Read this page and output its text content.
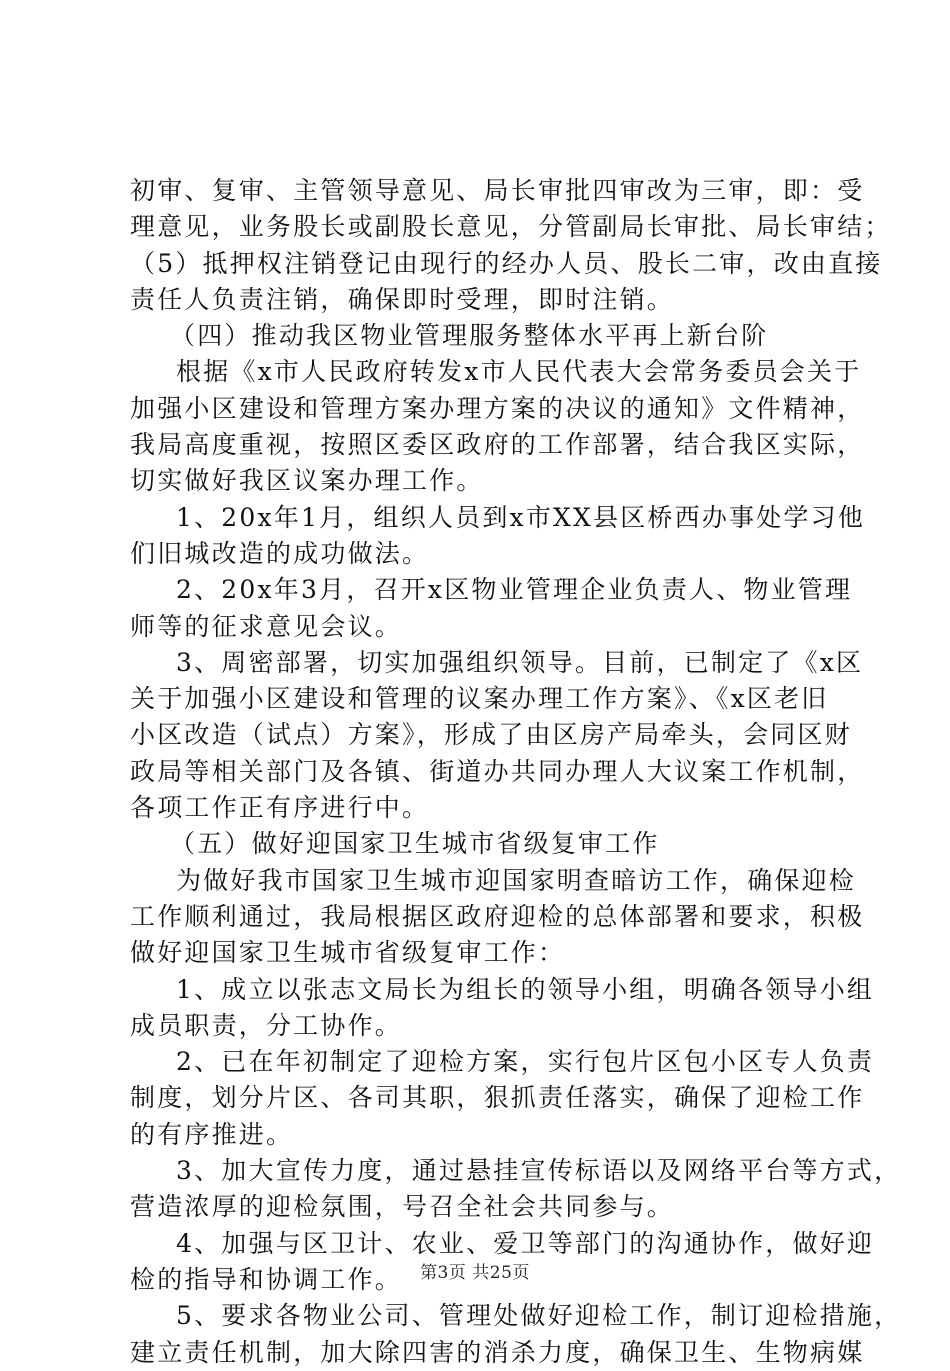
初审、复审、主管领导意见、局长审批四审改为三审，即：受
理意见，业务股长或副股长意见，分管副局长审批、局长审结；
（5）抵押权注销登记由现行的经办人员、股长二审，改由直接
责任人负责注销，确保即时受理，即时注销。
（四）推动我区物业管理服务整体水平再上新台阶
根据《x市人民政府转发x市人民代表大会常务委员会关于
加强小区建设和管理方案办理方案的决议的通知》文件精神，
我局高度重视，按照区委区政府的工作部署，结合我区实际，
切实做好我区议案办理工作。
1、20x年1月，组织人员到x市XX县区桥西办事处学习他
们旧城改造的成功做法。
2、20x年3月，召开x区物业管理企业负责人、物业管理
师等的征求意见会议。
3、周密部署，切实加强组织领导。目前，已制定了《x区
关于加强小区建设和管理的议案办理工作方案》、《x区老旧
小区改造（试点）方案》，形成了由区房产局牵头，会同区财
政局等相关部门及各镇、街道办共同办理人大议案工作机制，
各项工作正有序进行中。
（五）做好迎国家卫生城市省级复审工作
为做好我市国家卫生城市迎国家明查暗访工作，确保迎检
工作顺利通过，我局根据区政府迎检的总体部署和要求，积极
做好迎国家卫生城市省级复审工作：
1、成立以张志文局长为组长的领导小组，明确各领导小组
成员职责，分工协作。
2、已在年初制定了迎检方案，实行包片区包小区专人负责
制度，划分片区、各司其职，狠抓责任落实，确保了迎检工作
的有序推进。
3、加大宣传力度，通过悬挂宣传标语以及网络平台等方式，
营造浓厚的迎检氛围，号召全社会共同参与。
4、加强与区卫计、农业、爱卫等部门的沟通协作，做好迎
检的指导和协调工作。
5、要求各物业公司、管理处做好迎检工作，制订迎检措施，
建立责任机制，加大除四害的消杀力度，确保卫生、生物病媒
第3页 共25页
